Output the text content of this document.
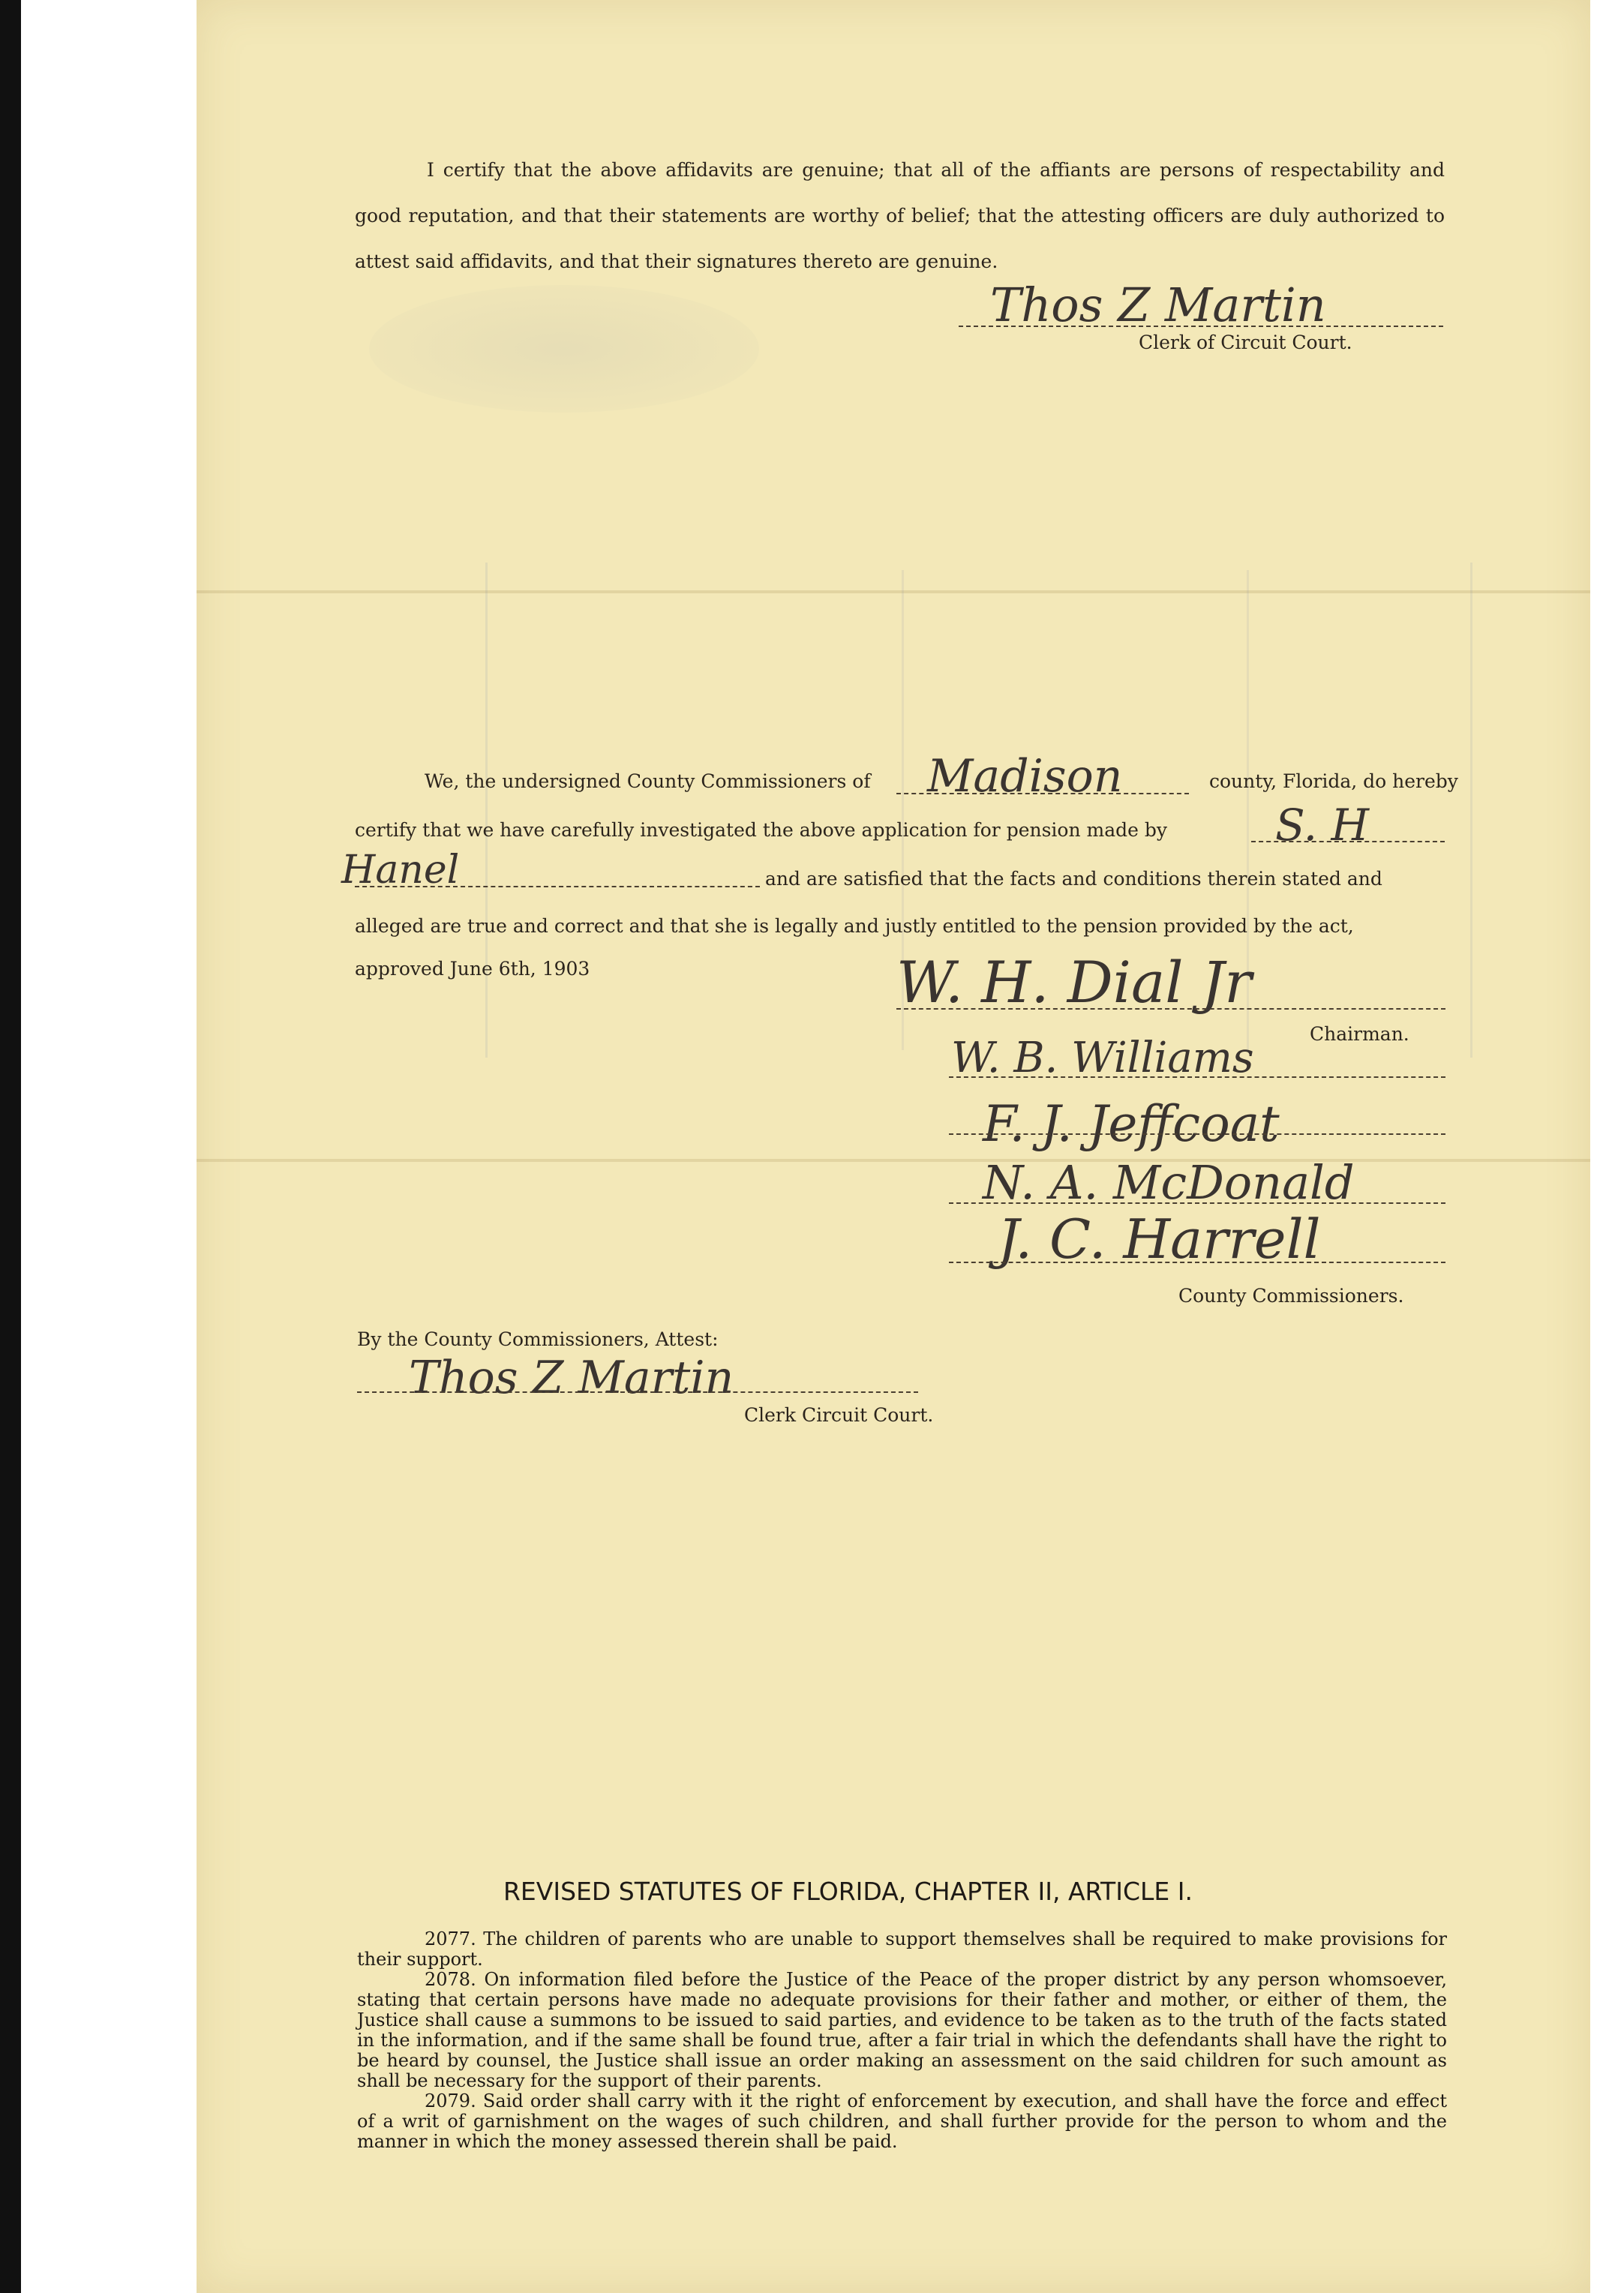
I certify that the above affidavits are genuine; that all of the affiants are persons of respectability and good reputation, and that their statements are worthy of belief; that the attesting officers are duly authorized to attest said affidavits, and that their signatures thereto are genuine.
Thos Z Martin
Clerk of Circuit Court.
We, the undersigned County Commissioners of Madison	county, Florida, do hereby
certify that we have carefully investigated the above application for pension made by S. H
Hanel	and are satisfied that the facts and conditions therein stated and
alleged are true and correct and that she is legally and justly entitled to the pension provided by the act,
approved June 6th, 1903	W. H. Dial Jr
Chairman.
W. B. Williams
F. J. Jeffcoat
N. A. McDonald
J. C. Harrell
County Commissioners.
By the County Commissioners, Attest:
Thos Z Martin
Clerk Circuit Court.
REVISED STATUTES OF FLORIDA, CHAPTER II, ARTICLE I.

2077. The children of parents who are unable to support themselves shall be required to make provisions for their support.

2078. On information filed before the Justice of the Peace of the proper district by any person whomsoever, stating that certain persons have made no adequate provisions for their father and mother, or either of them, the Justice shall cause a summons to be issued to said parties, and evidence to be taken as to the truth of the facts stated in the information, and if the same shall be found true, after a fair trial in which the defendants shall have the right to be heard by counsel, the Justice shall issue an order making an assessment on the said children for such amount as shall be necessary for the support of their parents.

2079. Said order shall carry with it the right of enforcement by execution, and shall have the force and effect of a writ of garnishment on the wages of such children, and shall further provide for the person to whom and the manner in which the money assessed therein shall be paid.
